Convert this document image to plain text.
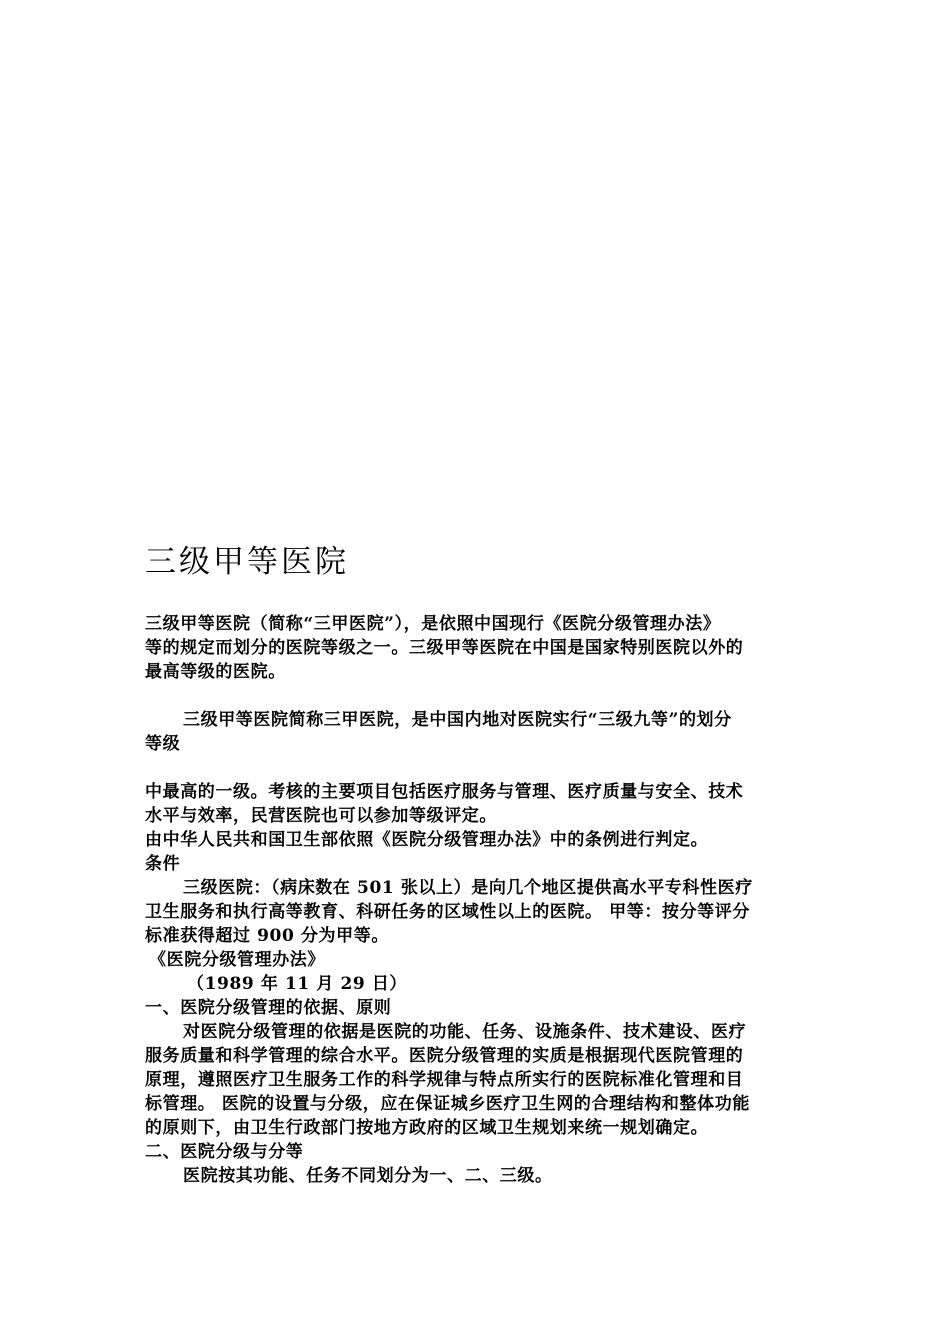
三级甲等医院
三级甲等医院（简称“三甲医院”），是依照中国现行《医院分级管理办法》
等的规定而划分的医院等级之一。三级甲等医院在中国是国家特别医院以外的
最高等级的医院。
三级甲等医院简称三甲医院，是中国内地对医院实行“三级九等”的划分
等级
中最高的一级。考核的主要项目包括医疗服务与管理、医疗质量与安全、技术
水平与效率，民营医院也可以参加等级评定。
由中华人民共和国卫生部依照《医院分级管理办法》中的条例进行判定。
条件
三级医院：（病床数在 501 张以上）是向几个地区提供高水平专科性医疗
卫生服务和执行高等教育、科研任务的区域性以上的医院。 甲等：按分等评分
标准获得超过 900 分为甲等。
《医院分级管理办法》
（1989 年 11 月 29 日）
一、医院分级管理的依据、原则
对医院分级管理的依据是医院的功能、任务、设施条件、技术建设、医疗
服务质量和科学管理的综合水平。医院分级管理的实质是根据现代医院管理的
原理，遵照医疗卫生服务工作的科学规律与特点所实行的医院标准化管理和目
标管理。 医院的设置与分级，应在保证城乡医疗卫生网的合理结构和整体功能
的原则下，由卫生行政部门按地方政府的区域卫生规划来统一规划确定。
二、医院分级与分等
医院按其功能、任务不同划分为一、二、三级。
